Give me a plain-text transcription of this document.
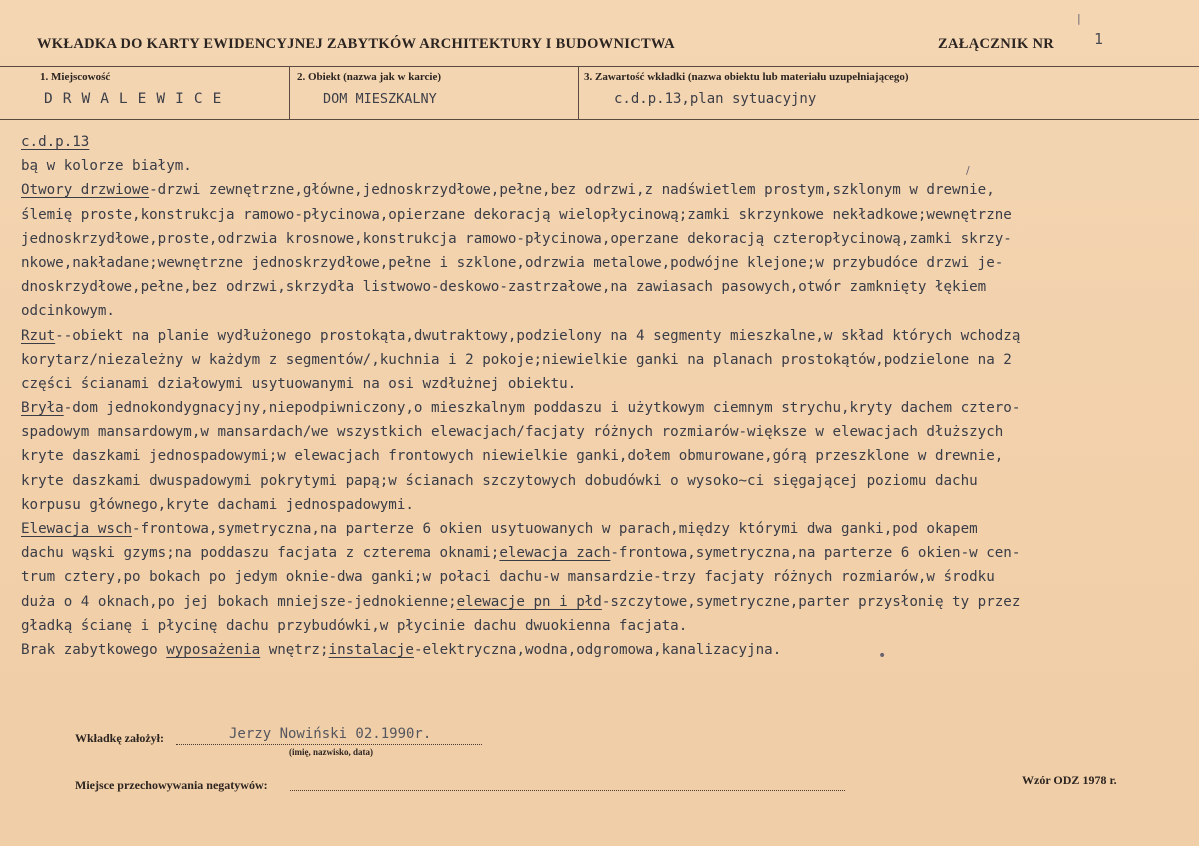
WKŁADKA DO KARTY EWIDENCYJNEJ ZABYTKÓW ARCHITEKTURY I BUDOWNICTWA	ZAŁĄCZNIK NR	1
1. Miejscowość
DRWALEWICE
2. Obiekt (nazwa jak w karcie)
DOM MIESZKALNY
3. Zawartość wkładki (nazwa obiektu lub materiału uzupełniającego)
c.d.p.13,plan sytuacyjny
c.d.p.13
bą w kolorze białym.
Otwory drzwiowe-drzwi zewnętrzne,główne,jednoskrzydłowe,pełne,bez odrzwi,z nadświetlem prostym,szklonym w drewnie,
ślemię proste,konstrukcja ramowo-płycinowa,opierzane dekoracją wielopłycinową;zamki skrzynkowe nekładkowe;wewnętrzne
jednoskrzydłowe,proste,odrzwia krosnowe,konstrukcja ramowo-płycinowa,operzane dekoracją czteropłycinową,zamki skrzy-
nkowe,nakładane;wewnętrzne jednoskrzydłowe,pełne i szklone,odrzwia metalowe,podwójne klejone;w przybudóce drzwi je-
dnoskrzydłowe,pełne,bez odrzwi,skrzydła listwowo-deskowo-zastrzałowe,na zawiasach pasowych,otwór zamknięty łękiem
odcinkowym.
Rzut--obiekt na planie wydłużonego prostokąta,dwutraktowy,podzielony na 4 segmenty mieszkalne,w skład których wchodzą
korytarz/niezależny w każdym z segmentów/,kuchnia i 2 pokoje;niewielkie ganki na planach prostokątów,podzielone na 2
części ścianami działowymi usytuowanymi na osi wzdłużnej obiektu.
Bryła-dom jednokondygnacyjny,niepodpiwniczony,o mieszkalnym poddaszu i użytkowym ciemnym strychu,kryty dachem cztero-
spadowym mansardowym,w mansardach/we wszystkich elewacjach/facjaty różnych rozmiarów-większe w elewacjach dłuższych
kryte daszkami jednospadowymi;w elewacjach frontowych niewielkie ganki,dołem obmurowane,górą przeszklone w drewnie,
kryte daszkami dwuspadowymi pokrytymi papą;w ścianach szczytowych dobudówki o wysoko~ci sięgającej poziomu dachu
korpusu głównego,kryte dachami jednospadowymi.
Elewacja wsch-frontowa,symetryczna,na parterze 6 okien usytuowanych w parach,między którymi dwa ganki,pod okapem
dachu wąski gzyms;na poddaszu facjata z czterema oknami;elewacja zach-frontowa,symetryczna,na parterze 6 okien-w cen-
trum cztery,po bokach po jedym oknie-dwa ganki;w połaci dachu-w mansardzie-trzy facjaty różnych rozmiarów,w środku
duża o 4 oknach,po jej bokach mniejsze-jednokienne;elewacje pn i płd-szczytowe,symetryczne,parter przysłonię ty przez
gładką ścianę i płycinę dachu przybudówki,w płycinie dachu dwuokienna facjata.
Brak zabytkowego wyposażenia wnętrz;instalacje-elektryczna,wodna,odgromowa,kanalizacyjna.
Wkładkę założył:	Jerzy Nowiński 02.1990r.
(imię, nazwisko, data)
Miejsce przechowywania negatywów:	Wzór ODZ 1978 r.
|
/
•
